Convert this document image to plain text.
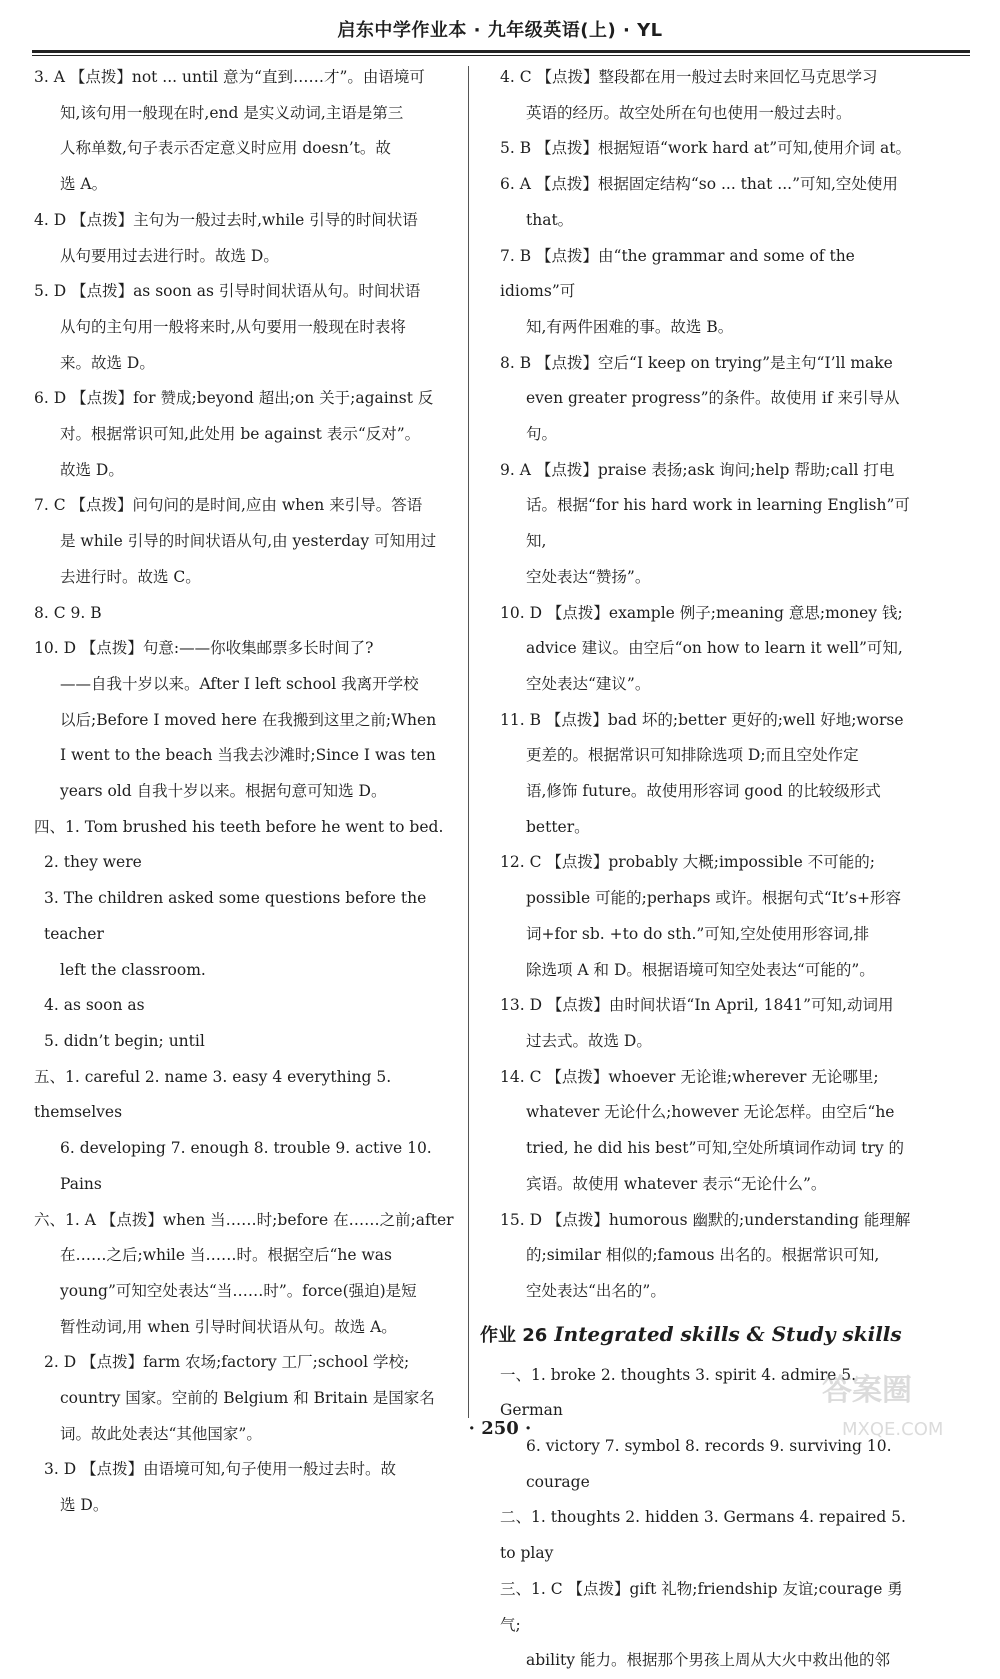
启东中学作业本 · 九年级英语(上) · YL
3. A 【点拨】not ... until 意为“直到……才”。由语境可
知,该句用一般现在时,end 是实义动词,主语是第三
人称单数,句子表示否定意义时应用 doesn’t。故
选 A。
4. D 【点拨】主句为一般过去时,while 引导的时间状语
从句要用过去进行时。故选 D。
5. D 【点拨】as soon as 引导时间状语从句。时间状语
从句的主句用一般将来时,从句要用一般现在时表将
来。故选 D。
6. D 【点拨】for 赞成;beyond 超出;on 关于;against 反
对。根据常识可知,此处用 be against 表示“反对”。
故选 D。
7. C 【点拨】问句问的是时间,应由 when 来引导。答语
是 while 引导的时间状语从句,由 yesterday 可知用过
去进行时。故选 C。
8. C 9. B
10. D 【点拨】句意:——你收集邮票多长时间了?
——自我十岁以来。After I left school 我离开学校
以后;Before I moved here 在我搬到这里之前;When
I went to the beach 当我去沙滩时;Since I was ten
years old 自我十岁以来。根据句意可知选 D。
四、1. Tom brushed his teeth before he went to bed.
2. they were
3. The children asked some questions before the teacher
left the classroom.
4. as soon as
5. didn’t begin; until
五、1. careful 2. name 3. easy 4 everything 5. themselves
6. developing 7. enough 8. trouble 9. active 10. Pains
六、1. A 【点拨】when 当……时;before 在……之前;after
在……之后;while 当……时。根据空后“he was
young”可知空处表达“当……时”。force(强迫)是短
暂性动词,用 when 引导时间状语从句。故选 A。
2. D 【点拨】farm 农场;factory 工厂;school 学校;
country 国家。空前的 Belgium 和 Britain 是国家名
词。故此处表达“其他国家”。
3. D 【点拨】由语境可知,句子使用一般过去时。故
选 D。
4. C 【点拨】整段都在用一般过去时来回忆马克思学习
英语的经历。故空处所在句也使用一般过去时。
5. B 【点拨】根据短语“work hard at”可知,使用介词 at。
6. A 【点拨】根据固定结构“so ... that ...”可知,空处使用
that。
7. B 【点拨】由“the grammar and some of the idioms”可
知,有两件困难的事。故选 B。
8. B 【点拨】空后“I keep on trying”是主句“I’ll make
even greater progress”的条件。故使用 if 来引导从句。
9. A 【点拨】praise 表扬;ask 询问;help 帮助;call 打电
话。根据“for his hard work in learning English”可知,
空处表达“赞扬”。
10. D 【点拨】example 例子;meaning 意思;money 钱;
advice 建议。由空后“on how to learn it well”可知,
空处表达“建议”。
11. B 【点拨】bad 坏的;better 更好的;well 好地;worse
更差的。根据常识可知排除选项 D;而且空处作定
语,修饰 future。故使用形容词 good 的比较级形式
better。
12. C 【点拨】probably 大概;impossible 不可能的;
possible 可能的;perhaps 或许。根据句式“It’s+形容
词+for sb. +to do sth.”可知,空处使用形容词,排
除选项 A 和 D。根据语境可知空处表达“可能的”。
13. D 【点拨】由时间状语“In April, 1841”可知,动词用
过去式。故选 D。
14. C 【点拨】whoever 无论谁;wherever 无论哪里;
whatever 无论什么;however 无论怎样。由空后“he
tried, he did his best”可知,空处所填词作动词 try 的
宾语。故使用 whatever 表示“无论什么”。
15. D 【点拨】humorous 幽默的;understanding 能理解
的;similar 相似的;famous 出名的。根据常识可知,
空处表达“出名的”。
作业 26 Integrated skills & Study skills
一、1. broke 2. thoughts 3. spirit 4. admire 5. German
6. victory 7. symbol 8. records 9. surviving 10. courage
二、1. thoughts 2. hidden 3. Germans 4. repaired 5. to play
三、1. C 【点拨】gift 礼物;friendship 友谊;courage 勇气;
ability 能力。根据那个男孩上周从大火中救出他的邻
· 250 ·
答案圈
MXQE.COM
